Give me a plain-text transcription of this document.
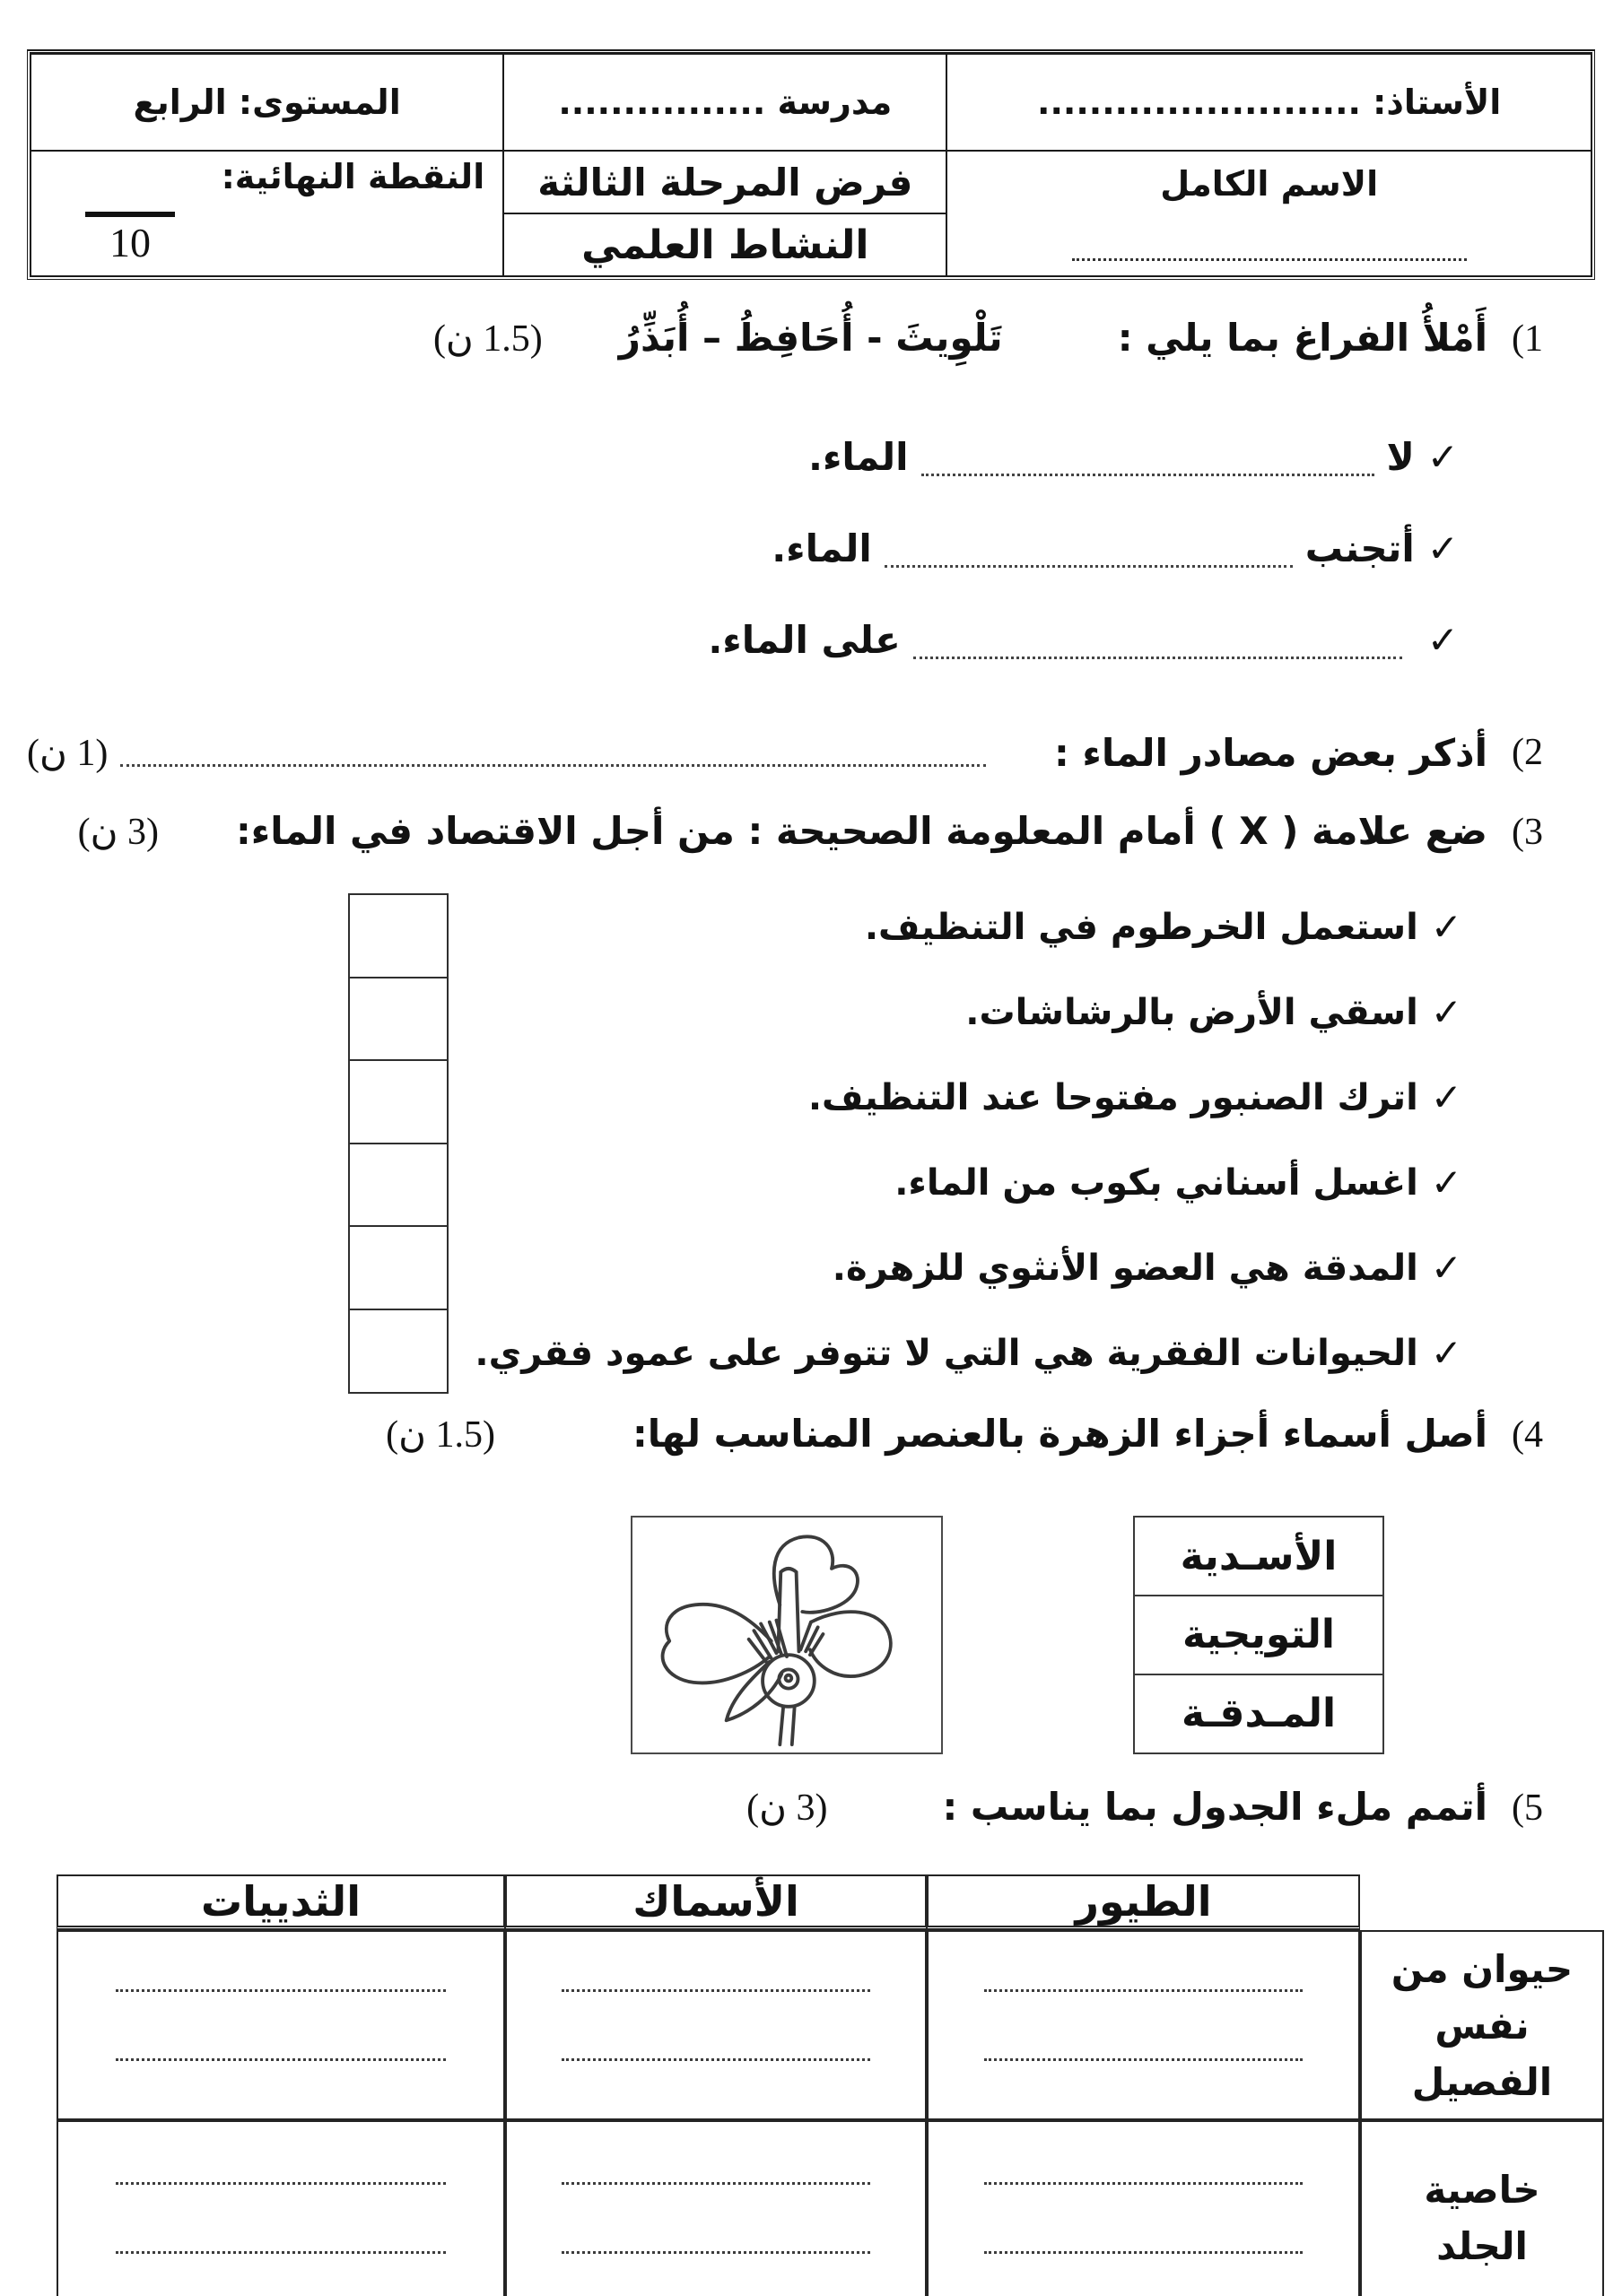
الأستاذ: .........................
مدرسة ................
المستوى: الرابع
الاسم الكامل
فرض المرحلة الثالثة
النشاط العلمي
النقطة النهائية:
10
1)
أَمْلأُ الفراغ بما يلي :
تَلْوِيثَ - أُحَافِظُ – أُبَذِّرُ
(1.5 ن)
✓
لا
الماء.
✓
أتجنب
الماء.
✓
على الماء.
2)
أذكر بعض مصادر الماء :
(1 ن)
3)
ضع علامة ( X ) أمام المعلومة الصحيحة : من أجل الاقتصاد في الماء:
(3 ن)
✓
استعمل الخرطوم في التنظيف.
✓
اسقي الأرض بالرشاشات.
✓
اترك الصنبور مفتوحا عند التنظيف.
✓
اغسل أسناني بكوب من الماء.
✓
المدقة هي العضو الأنثوي للزهرة.
✓
الحيوانات الفقرية هي التي لا تتوفر على عمود فقري.
4)
أصل أسماء أجزاء الزهرة بالعنصر المناسب لها:
(1.5 ن)
الأسـدية
التويجية
المـدقـة
5)
أتمم ملء الجدول بما يناسب :
(3 ن)
الطيور
الأسماك
الثدييات
حيوان من نفس الفصيل
خاصية الجلد
